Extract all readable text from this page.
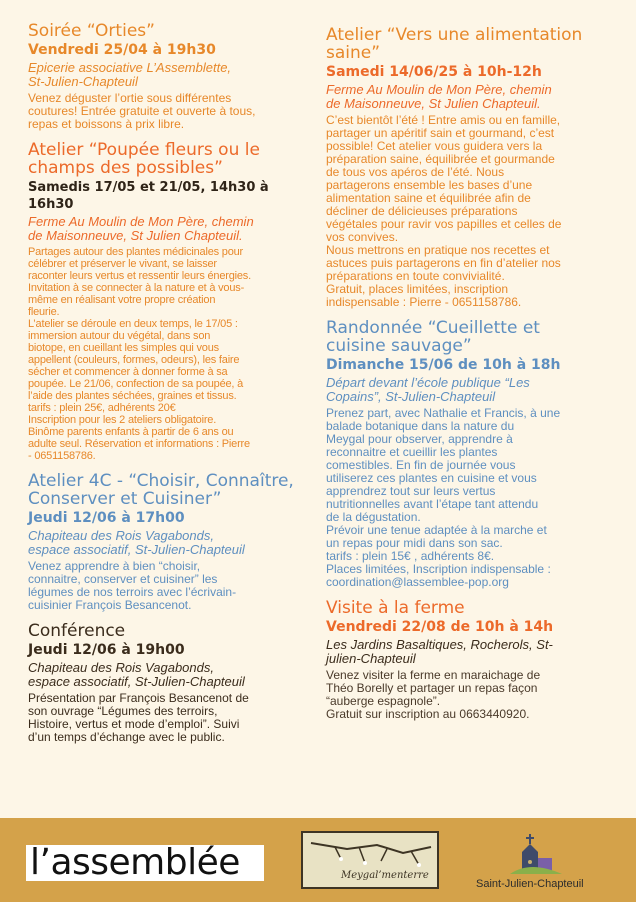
Soirée “Orties”
Vendredi 25/04 à 19h30
Epicerie associative L’Assemblette,
St-Julien-Chapteuil

Venez déguster l’ortie sous différentes
coutures! Entrée gratuite et ouverte à tous,
repas et boissons à prix libre.

Atelier “Poupée fleurs ou le
champs des possibles”
Samedis 17/05 et 21/05, 14h30 à 16h30
Ferme Au Moulin de Mon Père, chemin
de Maisonneuve, St Julien Chapteuil.

Partages autour des plantes médicinales pour
célébrer et préserver le vivant, se laisser
raconter leurs vertus et ressentir leurs énergies.
Invitation à se connecter à la nature et à vous-
même en réalisant votre propre création
fleurie.
L’atelier se déroule en deux temps, le 17/05 :
immersion autour du végétal, dans son
biotope, en cueillant les simples qui vous
appellent (couleurs, formes, odeurs), les faire
sécher et commencer à donner forme à sa
poupée. Le 21/06, confection de sa poupée, à
l’aide des plantes séchées, graines et tissus.
tarifs : plein 25€, adhérents 20€
Inscription pour les 2 ateliers obligatoire.
Binôme parents enfants à partir de 6 ans ou
adulte seul. Réservation et informations : Pierre
- 0651158786.

Atelier 4C - “Choisir, Connaître,
Conserver et Cuisiner”
Jeudi 12/06 à 17h00
Chapiteau des Rois Vagabonds,
espace associatif, St-Julien-Chapteuil

Venez apprendre à bien “choisir,
connaitre, conserver et cuisiner” les
légumes de nos terroirs avec l’écrivain-
cuisinier François Besancenot.

Conférence
Jeudi 12/06 à 19h00
Chapiteau des Rois Vagabonds,
espace associatif, St-Julien-Chapteuil

Présentation par François Besancenot de
son ouvrage “Légumes des terroirs,
Histoire, vertus et mode d’emploi”. Suivi
d’un temps d’échange avec le public.

Atelier “Vers une alimentation
saine”
Samedi 14/06/25 à 10h-12h
Ferme Au Moulin de Mon Père, chemin
de Maisonneuve, St Julien Chapteuil.

C’est bientôt l’été ! Entre amis ou en famille,
partager un apéritif sain et gourmand, c’est
possible! Cet atelier vous guidera vers la
préparation saine, équilibrée et gourmande
de tous vos apéros de l’été. Nous
partagerons ensemble les bases d’une
alimentation saine et équilibrée afin de
décliner de délicieuses préparations
végétales pour ravir vos papilles et celles de
vos convives.
Nous mettrons en pratique nos recettes et
astuces puis partagerons en fin d’atelier nos
préparations en toute convivialité.
Gratuit, places limitées, inscription
indispensable : Pierre - 0651158786.

Randonnée “Cueillette et
cuisine sauvage”
Dimanche 15/06 de 10h à 18h
Départ devant l’école publique “Les
Copains”, St-Julien-Chapteuil

Prenez part, avec Nathalie et Francis, à une
balade botanique dans la nature du
Meygal pour observer, apprendre à
reconnaitre et cueillir les plantes
comestibles. En fin de journée vous
utiliserez ces plantes en cuisine et vous
apprendrez tout sur leurs vertus
nutritionnelles avant l’étape tant attendu
de la dégustation.
Prévoir une tenue adaptée à la marche et
un repas pour midi dans son sac.
tarifs : plein 15€ , adhérents 8€.
Places limitées, Inscription indispensable :
coordination@lassemblee-pop.org

Visite à la ferme
Vendredi 22/08 de 10h à 14h
Les Jardins Basaltiques, Rocherols, St-
julien-Chapteuil

Venez visiter la ferme en maraichage de
Théo Borelly et partager un repas façon
“auberge espagnole”.
Gratuit sur inscription au 0663440920.

l’assemblée	Meygal’menterre
Saint-Julien-Chapteuil
